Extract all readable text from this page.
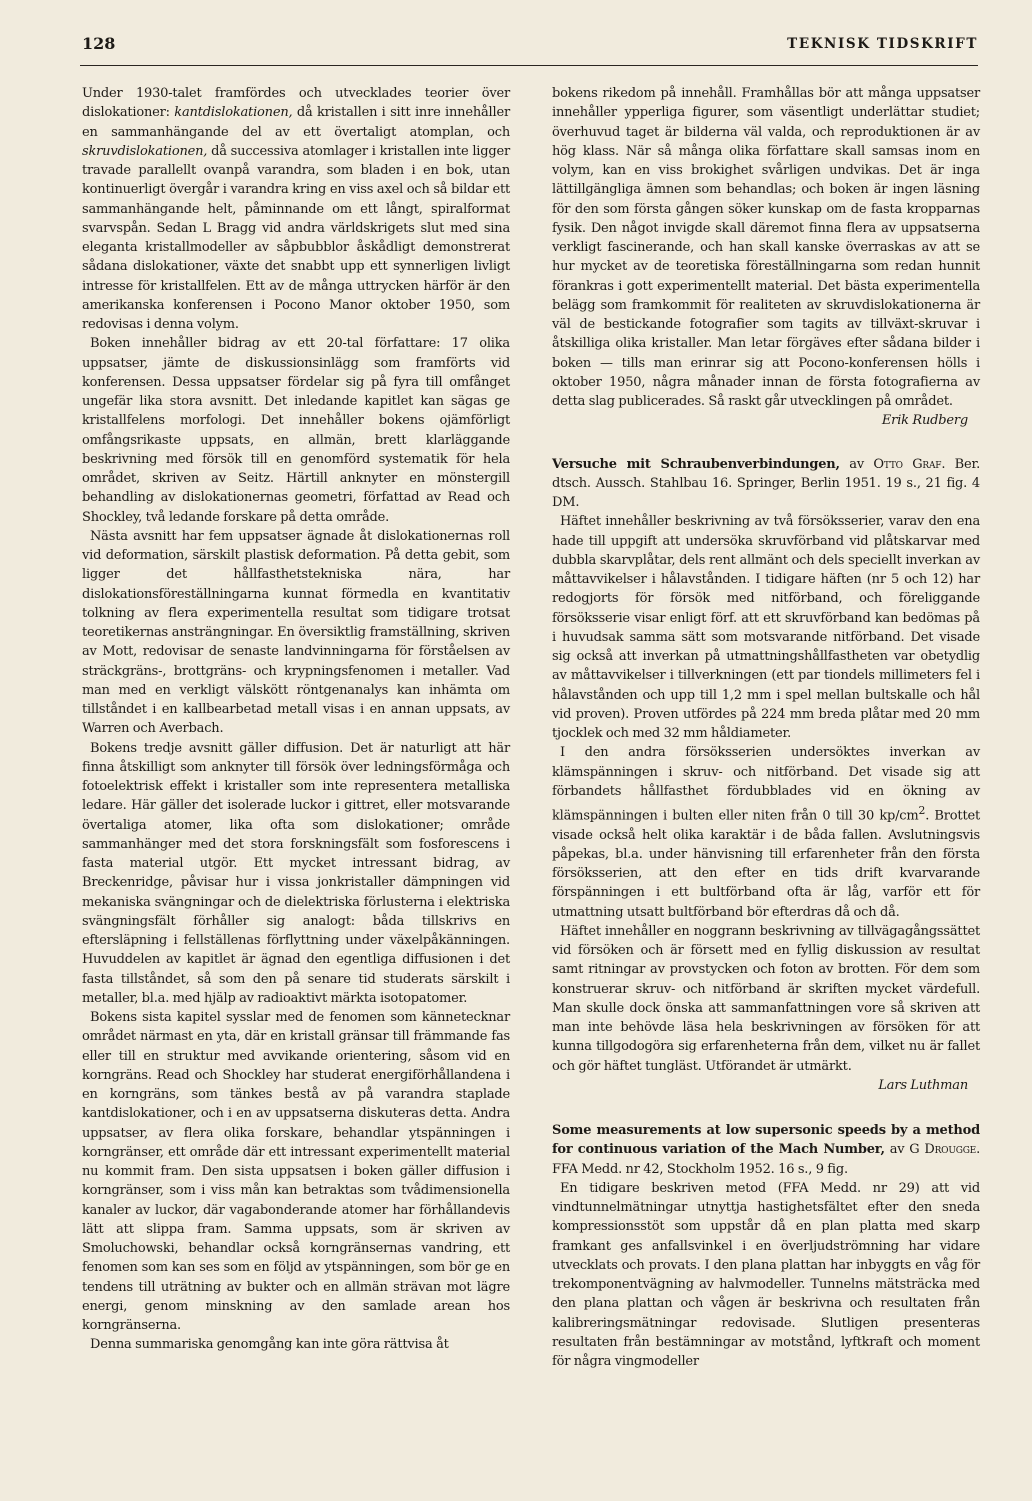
128	TEKNISK TIDSKRIFT

Under 1930-talet framfördes och utvecklades teorier över dislokationer: kantdislokationen, då kristallen i sitt inre innehåller en sammanhängande del av ett övertaligt atomplan, och skruvdislokationen, då successiva atomlager i kristallen inte ligger travade parallellt ovanpå varandra, som bladen i en bok, utan kontinuerligt övergår i varandra kring en viss axel och så bildar ett sammanhängande helt, påminnande om ett långt, spiralformat svarvspån. Sedan L Bragg vid andra världskrigets slut med sina eleganta kristallmodeller av såpbubblor åskådligt demonstrerat sådana dislokationer, växte det snabbt upp ett synnerligen livligt intresse för kristallfelen. Ett av de många uttrycken härför är den amerikanska konferensen i Pocono Manor oktober 1950, som redovisas i denna volym.

Boken innehåller bidrag av ett 20-tal författare: 17 olika uppsatser, jämte de diskussionsinlägg som framförts vid konferensen. Dessa uppsatser fördelar sig på fyra till omfånget ungefär lika stora avsnitt. Det inledande kapitlet kan sägas ge kristallfelens morfologi. Det innehåller bokens ojämförligt omfångsrikaste uppsats, en allmän, brett klarläggande beskrivning med försök till en genomförd systematik för hela området, skriven av Seitz. Härtill anknyter en mönstergill behandling av dislokationernas geometri, författad av Read och Shockley, två ledande forskare på detta område.

Nästa avsnitt har fem uppsatser ägnade åt dislokationernas roll vid deformation, särskilt plastisk deformation. På detta gebit, som ligger det hållfasthetstekniska nära, har dislokationsföreställningarna kunnat förmedla en kvantitativ tolkning av flera experimentella resultat som tidigare trotsat teoretikernas ansträngningar. En översiktlig framställning, skriven av Mott, redovisar de senaste landvinningarna för förståelsen av sträckgräns-, brottgräns- och krypningsfenomen i metaller. Vad man med en verkligt välskött röntgenanalys kan inhämta om tillståndet i en kallbearbetad metall visas i en annan uppsats, av Warren och Averbach.

Bokens tredje avsnitt gäller diffusion. Det är naturligt att här finna åtskilligt som anknyter till försök över ledningsförmåga och fotoelektrisk effekt i kristaller som inte representera metalliska ledare. Här gäller det isolerade luckor i gittret, eller motsvarande övertaliga atomer, lika ofta som dislokationer; område sammanhänger med det stora forskningsfält som fosforescens i fasta material utgör. Ett mycket intressant bidrag, av Breckenridge, påvisar hur i vissa jonkristaller dämpningen vid mekaniska svängningar och de dielektriska förlusterna i elektriska svängningsfält förhåller sig analogt: båda tillskrivs en eftersläpning i fellställenas förflyttning under växelpåkänningen. Huvuddelen av kapitlet är ägnad den egentliga diffusionen i det fasta tillståndet, så som den på senare tid studerats särskilt i metaller, bl.a. med hjälp av radioaktivt märkta isotopatomer.

Bokens sista kapitel sysslar med de fenomen som kännetecknar området närmast en yta, där en kristall gränsar till främmande fas eller till en struktur med avvikande orientering, såsom vid en korngräns. Read och Shockley har studerat energiförhållandena i en korngräns, som tänkes bestå av på varandra staplade kantdislokationer, och i en av uppsatserna diskuteras detta. Andra uppsatser, av flera olika forskare, behandlar ytspänningen i korngränser, ett område där ett intressant experimentellt material nu kommit fram. Den sista uppsatsen i boken gäller diffusion i korngränser, som i viss mån kan betraktas som tvådimensionella kanaler av luckor, där vagabonderande atomer har förhållandevis lätt att slippa fram. Samma uppsats, som är skriven av Smoluchowski, behandlar också korngränsernas vandring, ett fenomen som kan ses som en följd av ytspänningen, som bör ge en tendens till uträtning av bukter och en allmän strävan mot lägre energi, genom minskning av den samlade arean hos korngränserna.

Denna summariska genomgång kan inte göra rättvisa åt

bokens rikedom på innehåll. Framhållas bör att många uppsatser innehåller ypperliga figurer, som väsentligt underlättar studiet; överhuvud taget är bilderna väl valda, och reproduktionen är av hög klass. När så många olika författare skall samsas inom en volym, kan en viss brokighet svårligen undvikas. Det är inga lättillgängliga ämnen som behandlas; och boken är ingen läsning för den som första gången söker kunskap om de fasta kropparnas fysik. Den något invigde skall däremot finna flera av uppsatserna verkligt fascinerande, och han skall kanske överraskas av att se hur mycket av de teoretiska föreställningarna som redan hunnit förankras i gott experimentellt material. Det bästa experimentella belägg som framkommit för realiteten av skruvdislokationerna är väl de bestickande fotografier som tagits av tillväxt-skruvar i åtskilliga olika kristaller. Man letar förgäves efter sådana bilder i boken — tills man erinrar sig att Pocono-konferensen hölls i oktober 1950, några månader innan de första fotografierna av detta slag publicerades. Så raskt går utvecklingen på området.

Erik Rudberg

Versuche mit Schraubenverbindungen, av Otto Graf. Ber. dtsch. Aussch. Stahlbau 16. Springer, Berlin 1951. 19 s., 21 fig. 4 DM.

Häftet innehåller beskrivning av två försöksserier, varav den ena hade till uppgift att undersöka skruvförband vid plåtskarvar med dubbla skarvplåtar, dels rent allmänt och dels speciellt inverkan av måttavvikelser i hålavstånden. I tidigare häften (nr 5 och 12) har redogjorts för försök med nitförband, och föreliggande försöksserie visar enligt förf. att ett skruvförband kan bedömas på i huvudsak samma sätt som motsvarande nitförband. Det visade sig också att inverkan på utmattningshållfastheten var obetydlig av måttavvikelser i tillverkningen (ett par tiondels millimeters fel i hålavstånden och upp till 1,2 mm i spel mellan bultskalle och hål vid proven). Proven utfördes på 224 mm breda plåtar med 20 mm tjocklek och med 32 mm håldiameter.

I den andra försöksserien undersöktes inverkan av klämspänningen i skruv- och nitförband. Det visade sig att förbandets hållfasthet fördubblades vid en ökning av klämspänningen i bulten eller niten från 0 till 30 $kp/cm^2$. Brottet visade också helt olika karaktär i de båda fallen. Avslutningsvis påpekas, bl.a. under hänvisning till erfarenheter från den första försöksserien, att den efter en tids drift kvarvarande förspänningen i ett bultförband ofta är låg, varför ett för utmattning utsatt bultförband bör efterdras då och då.

Häftet innehåller en noggrann beskrivning av tillvägagångssättet vid försöken och är försett med en fyllig diskussion av resultat samt ritningar av provstycken och foton av brotten. För dem som konstruerar skruv- och nitförband är skriften mycket värdefull. Man skulle dock önska att sammanfattningen vore så skriven att man inte behövde läsa hela beskrivningen av försöken för att kunna tillgodogöra sig erfarenheterna från dem, vilket nu är fallet och gör häftet tungläst. Utförandet är utmärkt.

Lars Luthman

Some measurements at low supersonic speeds by a method for continuous variation of the Mach Number, av G Drougge. FFA Medd. nr 42, Stockholm 1952. 16 s., 9 fig.

En tidigare beskriven metod (FFA Medd. nr 29) att vid vindtunnelmätningar utnyttja hastighetsfältet efter den sneda kompressionsstöt som uppstår då en plan platta med skarp framkant ges anfallsvinkel i en överljudströmning har vidare utvecklats och provats. I den plana plattan har inbyggts en våg för trekomponentvägning av halvmodeller. Tunnelns mätsträcka med den plana plattan och vågen är beskrivna och resultaten från kalibreringsmätningar redovisade. Slutligen presenteras resultaten från bestämningar av motstånd, lyftkraft och moment för några vingmodeller
